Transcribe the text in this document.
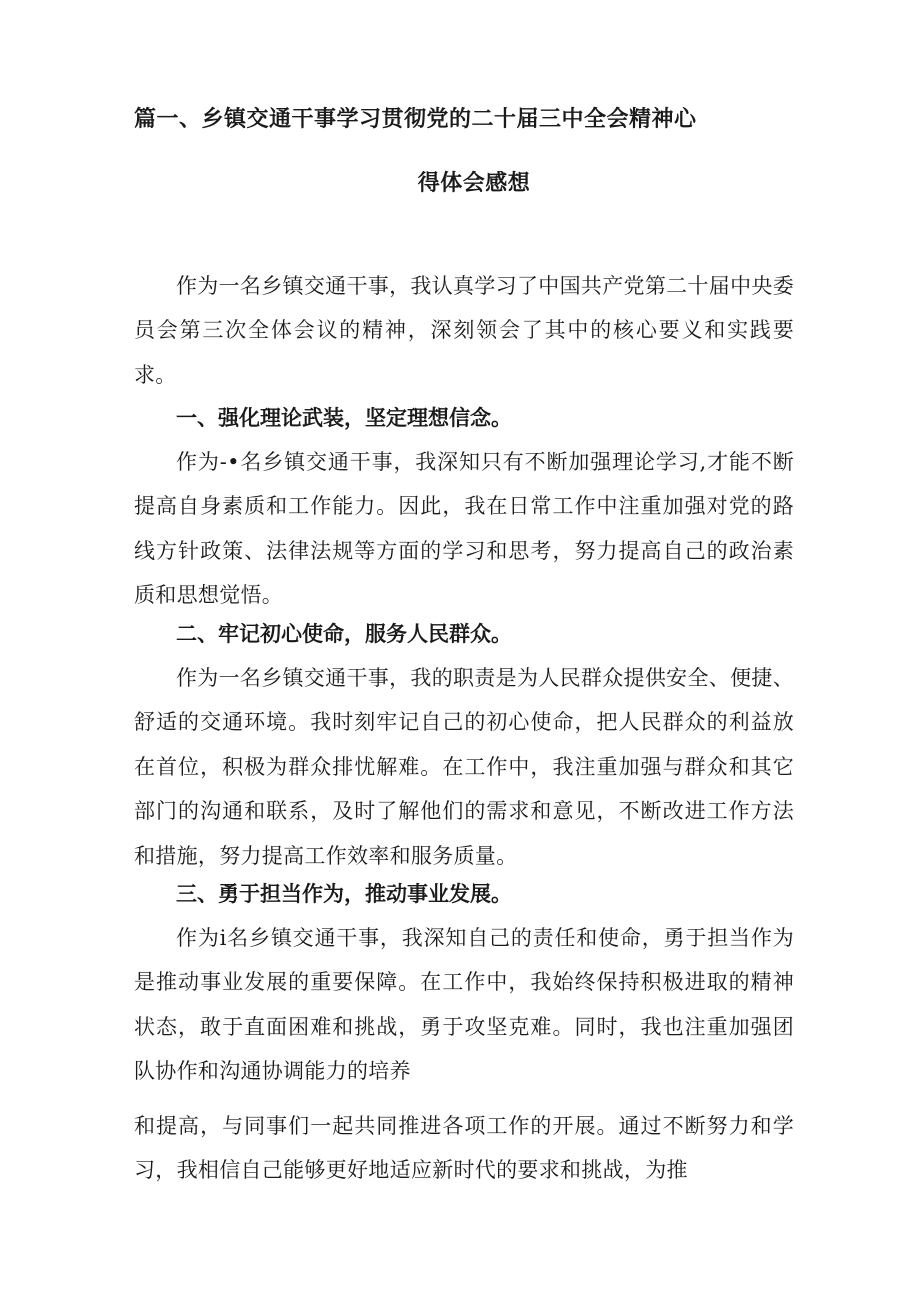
篇一、乡镇交通干事学习贯彻党的二十届三中全会精神心
得体会感想

作为一名乡镇交通干事，我认真学习了中国共产党第二十届中央委员会第三次全体会议的精神，深刻领会了其中的核心要义和实践要求。

一、强化理论武装，坚定理想信念。

作为-•名乡镇交通干事，我深知只有不断加强理论学习,才能不断提高自身素质和工作能力。因此，我在日常工作中注重加强对党的路线方针政策、法律法规等方面的学习和思考，努力提高自己的政治素质和思想觉悟。

二、牢记初心使命，服务人民群众。

作为一名乡镇交通干事，我的职责是为人民群众提供安全、便捷、舒适的交通环境。我时刻牢记自己的初心使命，把人民群众的利益放在首位，积极为群众排忧解难。在工作中，我注重加强与群众和其它部门的沟通和联系，及时了解他们的需求和意见，不断改进工作方法和措施，努力提高工作效率和服务质量。

三、勇于担当作为，推动事业发展。

作为i名乡镇交通干事，我深知自己的责任和使命，勇于担当作为是推动事业发展的重要保障。在工作中，我始终保持积极进取的精神状态，敢于直面困难和挑战，勇于攻坚克难。同时，我也注重加强团队协作和沟通协调能力的培养

和提高，与同事们一起共同推进各项工作的开展。通过不断努力和学习，我相信自己能够更好地适应新时代的要求和挑战，为推
